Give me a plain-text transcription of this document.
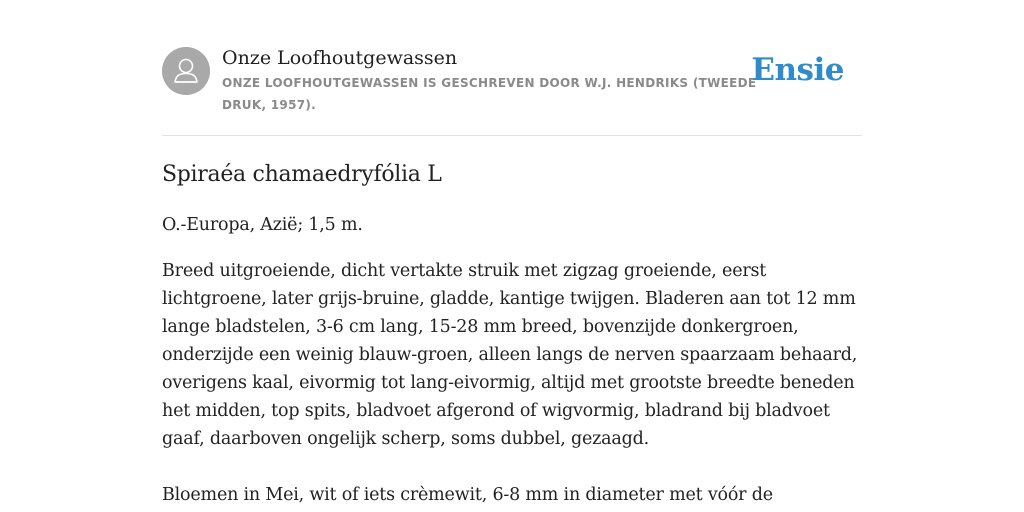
Onze Loofhoutgewassen
ONZE LOOFHOUTGEWASSEN IS GESCHREVEN DOOR W.J. HENDRIKS (TWEEDE DRUK, 1957).
Ensie
Spiraéa chamaedryfólia L

O.-Europa, Azië; 1,5 m.

Breed uitgroeiende, dicht vertakte struik met zigzag groeiende, eerst lichtgroene, later grijs-bruine, gladde, kantige twijgen. Bladeren aan tot 12 mm lange bladstelen, 3-6 cm lang, 15-28 mm breed, bovenzijde donkergroen, onderzijde een weinig blauw-groen, alleen langs de nerven spaarzaam behaard, overigens kaal, eivormig tot lang-eivormig, altijd met grootste breedte beneden het midden, top spits, bladvoet afgerond of wigvormig, bladrand bij bladvoet gaaf, daarboven ongelijk scherp, soms dubbel, gezaagd.

Bloemen in Mei, wit of iets crèmewit, 6-8 mm in diameter met vóór de
